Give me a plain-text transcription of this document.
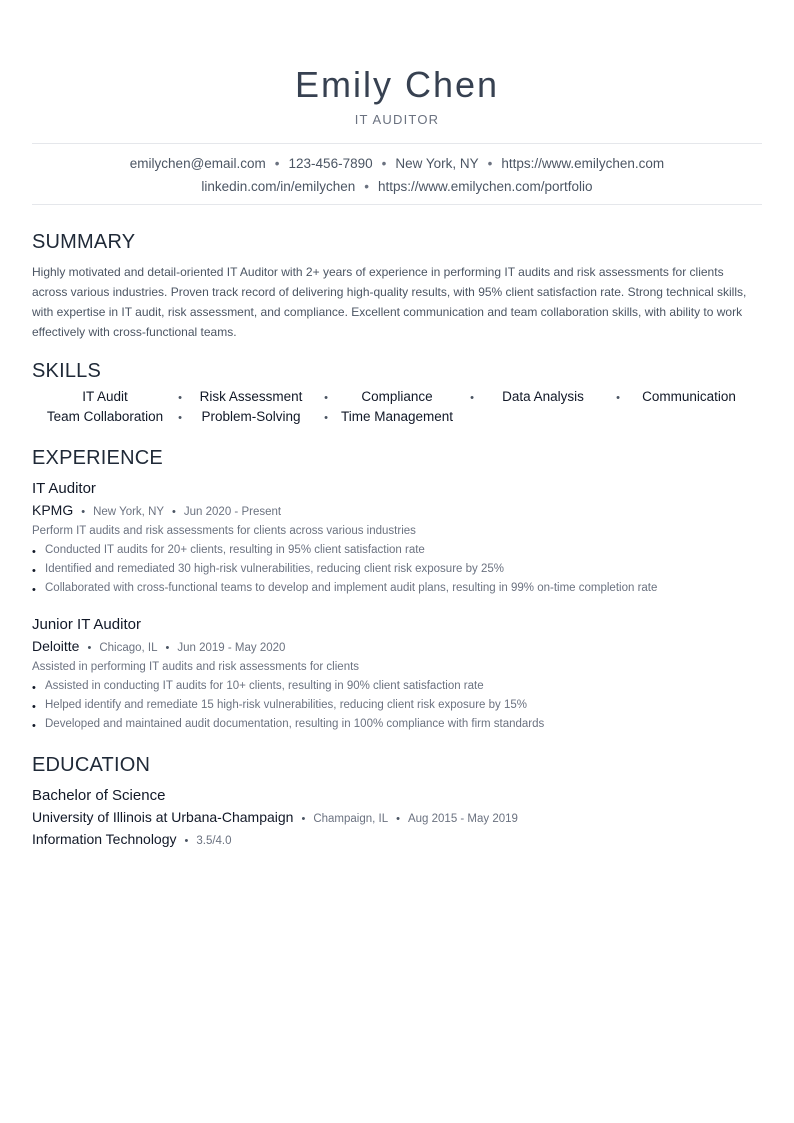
Emily Chen
IT AUDITOR
emilychen@email.com • 123-456-7890 • New York, NY • https://www.emilychen.com
linkedin.com/in/emilychen • https://www.emilychen.com/portfolio
SUMMARY
Highly motivated and detail-oriented IT Auditor with 2+ years of experience in performing IT audits and risk assessments for clients across various industries. Proven track record of delivering high-quality results, with 95% client satisfaction rate. Strong technical skills, with expertise in IT audit, risk assessment, and compliance. Excellent communication and team collaboration skills, with ability to work effectively with cross-functional teams.
SKILLS
IT Audit •	Risk Assessment •	Compliance •	Data Analysis •	Communication
Team Collaboration •	Problem-Solving •	Time Management
EXPERIENCE
IT Auditor
KPMG • New York, NY • Jun 2020 - Present
Perform IT audits and risk assessments for clients across various industries
• Conducted IT audits for 20+ clients, resulting in 95% client satisfaction rate
• Identified and remediated 30 high-risk vulnerabilities, reducing client risk exposure by 25%
• Collaborated with cross-functional teams to develop and implement audit plans, resulting in 99% on-time completion rate
Junior IT Auditor
Deloitte • Chicago, IL • Jun 2019 - May 2020
Assisted in performing IT audits and risk assessments for clients
• Assisted in conducting IT audits for 10+ clients, resulting in 90% client satisfaction rate
• Helped identify and remediate 15 high-risk vulnerabilities, reducing client risk exposure by 15%
• Developed and maintained audit documentation, resulting in 100% compliance with firm standards
EDUCATION
Bachelor of Science
University of Illinois at Urbana-Champaign • Champaign, IL • Aug 2015 - May 2019
Information Technology • 3.5/4.0
